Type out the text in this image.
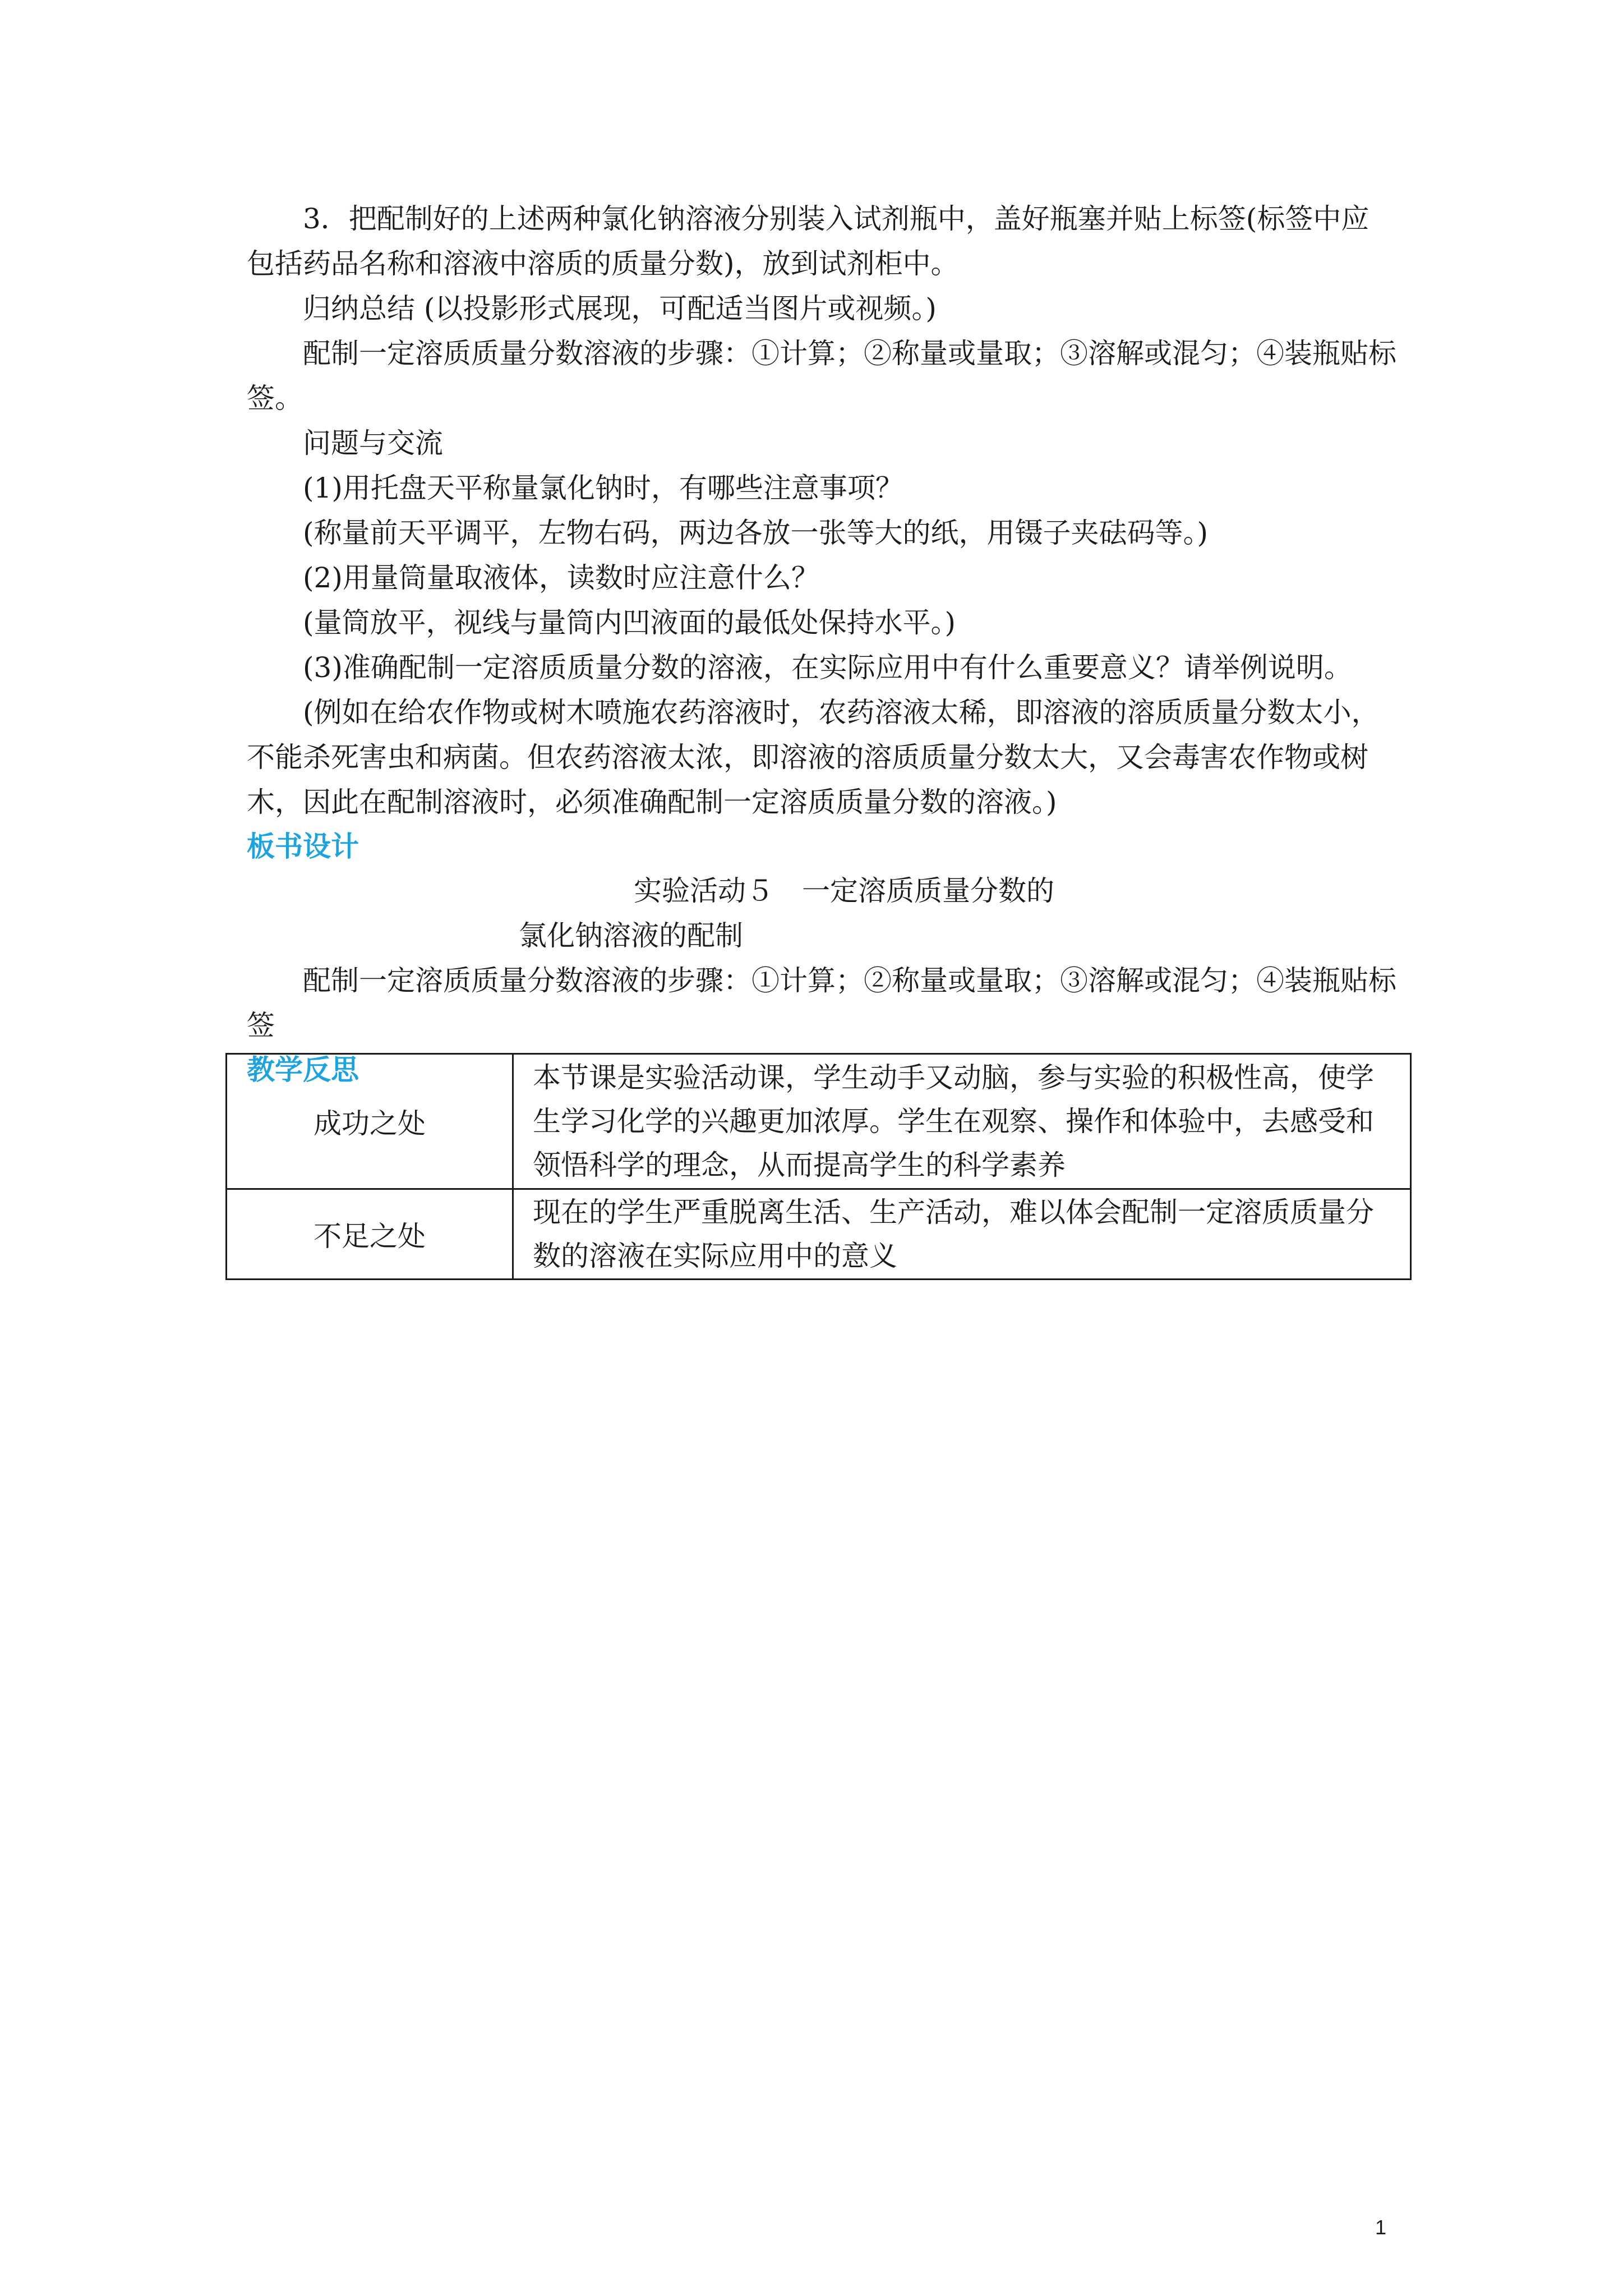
3．把配制好的上述两种氯化钠溶液分别装入试剂瓶中，盖好瓶塞并贴上标签(标签中应包括药品名称和溶液中溶质的质量分数)，放到试剂柜中。

归纳总结 (以投影形式展现，可配适当图片或视频。)

配制一定溶质质量分数溶液的步骤：①计算；②称量或量取；③溶解或混匀；④装瓶贴标签。

问题与交流

(1)用托盘天平称量氯化钠时，有哪些注意事项？

(称量前天平调平，左物右码，两边各放一张等大的纸，用镊子夹砝码等。)

(2)用量筒量取液体，读数时应注意什么？

(量筒放平，视线与量筒内凹液面的最低处保持水平。)

(3)准确配制一定溶质质量分数的溶液，在实际应用中有什么重要意义？请举例说明。

(例如在给农作物或树木喷施农药溶液时，农药溶液太稀，即溶液的溶质质量分数太小，不能杀死害虫和病菌。但农药溶液太浓，即溶液的溶质质量分数太大，又会毒害农作物或树木，因此在配制溶液时，必须准确配制一定溶质质量分数的溶液。)

板书设计

实验活动５　一定溶质质量分数的
氯化钠溶液的配制

配制一定溶质质量分数溶液的步骤：①计算；②称量或量取；③溶解或混匀；④装瓶贴标签

教学反思

成功之处	本节课是实验活动课，学生动手又动脑，参与实验的积极性高，使学生学习化学的兴趣更加浓厚。学生在观察、操作和体验中，去感受和领悟科学的理念，从而提高学生的科学素养
不足之处	现在的学生严重脱离生活、生产活动，难以体会配制一定溶质质量分数的溶液在实际应用中的意义
1
